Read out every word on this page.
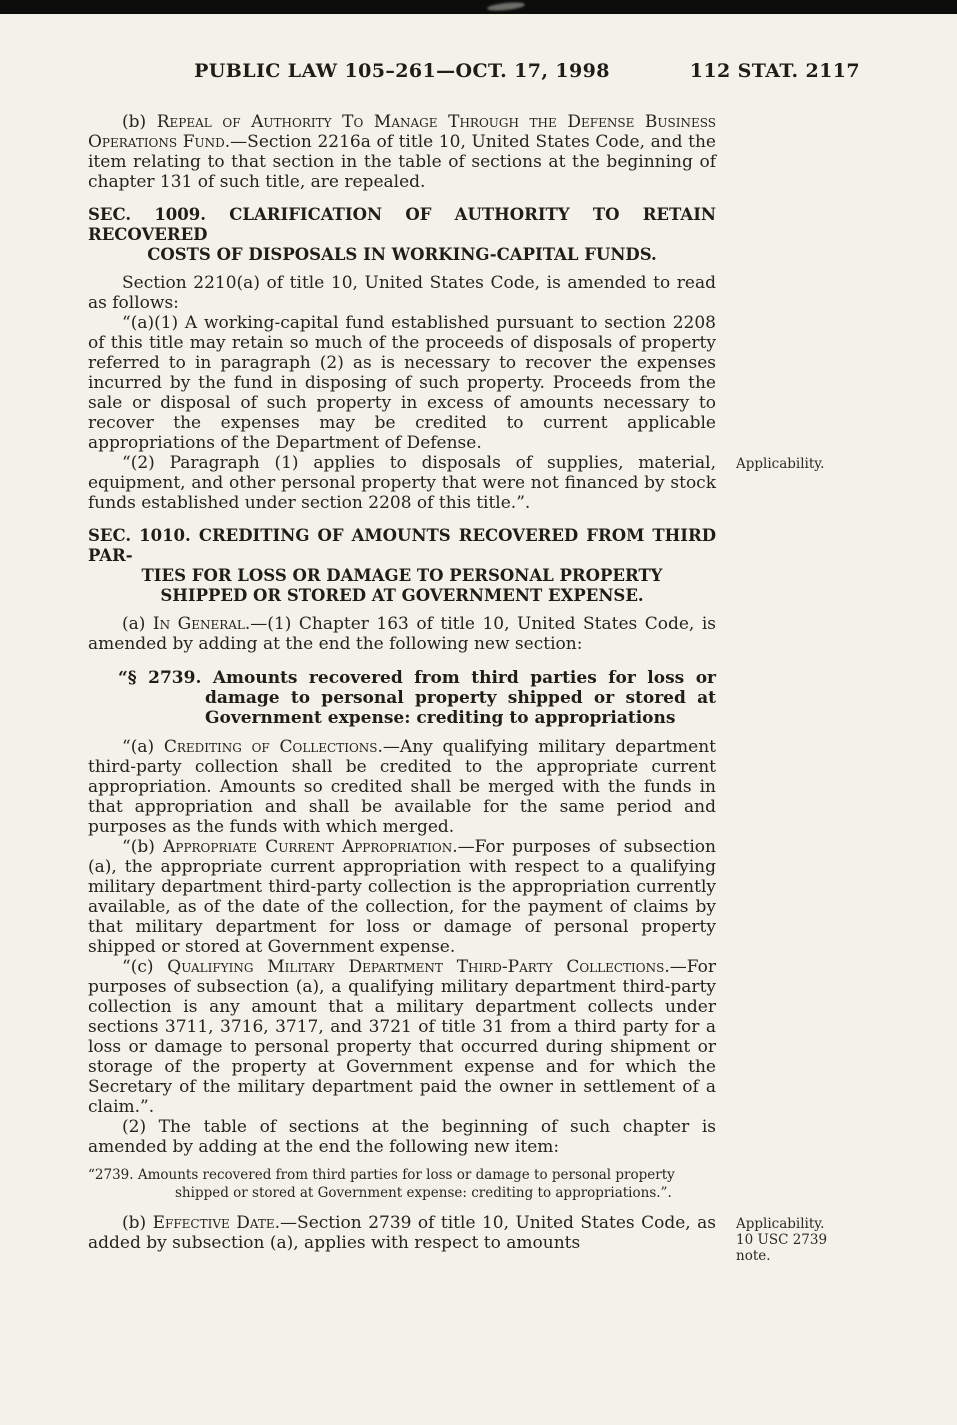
PUBLIC LAW 105–261—OCT. 17, 1998	112 STAT. 2117

(b) Repeal of Authority To Manage Through the Defense Business Operations Fund.—Section 2216a of title 10, United States Code, and the item relating to that section in the table of sections at the beginning of chapter 131 of such title, are repealed.

SEC. 1009. CLARIFICATION OF AUTHORITY TO RETAIN RECOVERED
COSTS OF DISPOSALS IN WORKING-CAPITAL FUNDS.

Section 2210(a) of title 10, United States Code, is amended to read as follows:

“(a)(1) A working-capital fund established pursuant to section 2208 of this title may retain so much of the proceeds of disposals of property referred to in paragraph (2) as is necessary to recover the expenses incurred by the fund in disposing of such property. Proceeds from the sale or disposal of such property in excess of amounts necessary to recover the expenses may be credited to current applicable appropriations of the Department of Defense.

“(2) Paragraph (1) applies to disposals of supplies, material, equipment, and other personal property that were not financed by stock funds established under section 2208 of this title.”.

Applicability.
SEC. 1010. CREDITING OF AMOUNTS RECOVERED FROM THIRD PAR-
TIES FOR LOSS OR DAMAGE TO PERSONAL PROPERTY
SHIPPED OR STORED AT GOVERNMENT EXPENSE.

(a) In General.—(1) Chapter 163 of title 10, United States Code, is amended by adding at the end the following new section:

“§ 2739. Amounts recovered from third parties for loss or damage to personal property shipped or stored at Government expense: crediting to appropriations

“(a) Crediting of Collections.—Any qualifying military department third-party collection shall be credited to the appropriate current appropriation. Amounts so credited shall be merged with the funds in that appropriation and shall be available for the same period and purposes as the funds with which merged.

“(b) Appropriate Current Appropriation.—For purposes of subsection (a), the appropriate current appropriation with respect to a qualifying military department third-party collection is the appropriation currently available, as of the date of the collection, for the payment of claims by that military department for loss or damage of personal property shipped or stored at Government expense.

“(c) Qualifying Military Department Third-Party Collections.—For purposes of subsection (a), a qualifying military department third-party collection is any amount that a military department collects under sections 3711, 3716, 3717, and 3721 of title 31 from a third party for a loss or damage to personal property that occurred during shipment or storage of the property at Government expense and for which the Secretary of the military department paid the owner in settlement of a claim.”.

(2) The table of sections at the beginning of such chapter is amended by adding at the end the following new item:

“2739. Amounts recovered from third parties for loss or damage to personal property shipped or stored at Government expense: crediting to appropriations.”.

(b) Effective Date.—Section 2739 of title 10, United States Code, as added by subsection (a), applies with respect to amounts

Applicability.
10 USC 2739 note.
